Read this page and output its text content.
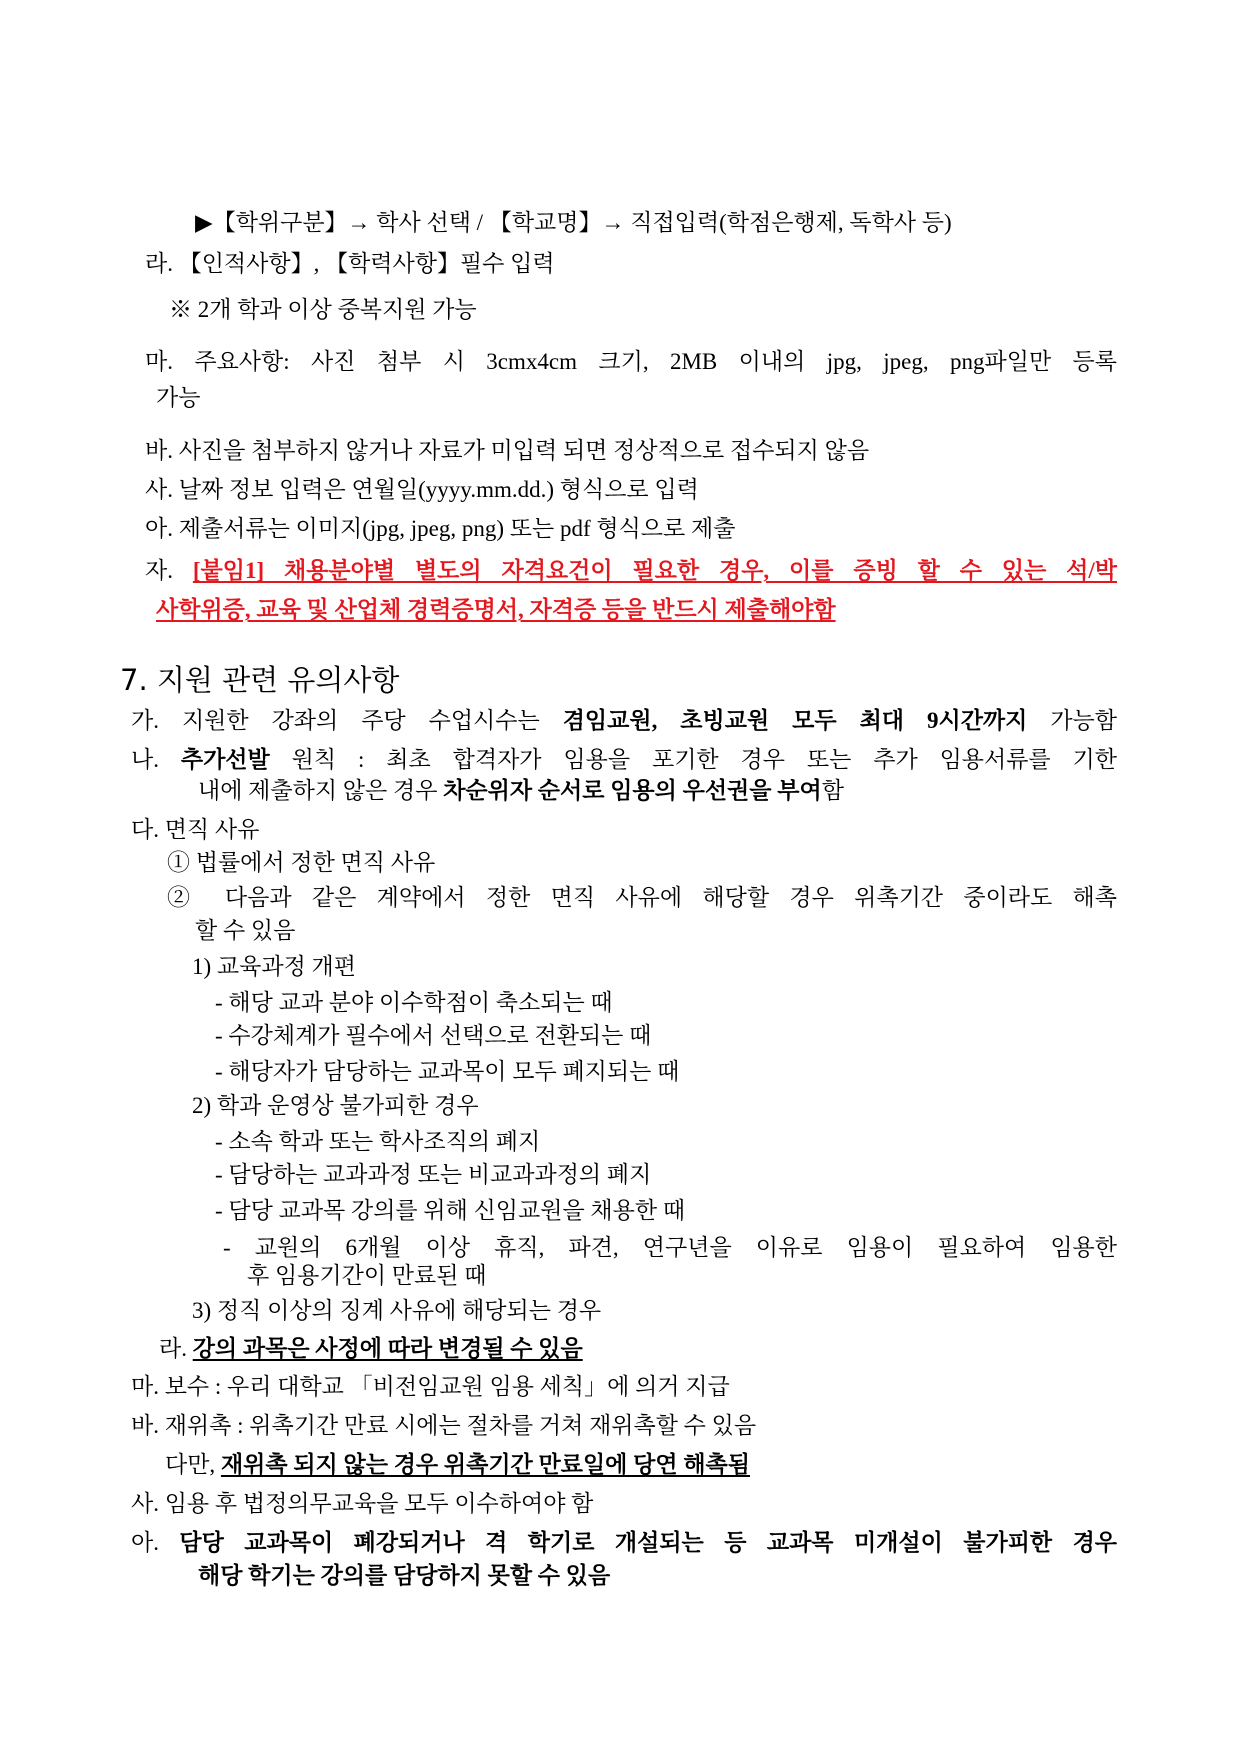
▶【학위구분】→ 학사 선택 / 【학교명】→ 직접입력(학점은행제, 독학사 등)
라. 【인적사항】, 【학력사항】필수 입력
※ 2개 학과 이상 중복지원 가능
마. 주요사항: 사진 첨부 시 3cmx4cm 크기, 2MB 이내의 jpg, jpeg, png파일만 등록
가능
바. 사진을 첨부하지 않거나 자료가 미입력 되면 정상적으로 접수되지 않음
사. 날짜 정보 입력은 연월일(yyyy.mm.dd.) 형식으로 입력
아. 제출서류는 이미지(jpg, jpeg, png) 또는 pdf 형식으로 제출
자. [붙임1] 채용분야별 별도의 자격요건이 필요한 경우, 이를 증빙 할 수 있는 석/박
사학위증, 교육 및 산업체 경력증명서, 자격증 등을 반드시 제출해야함
7. 지원 관련 유의사항
가. 지원한 강좌의 주당 수업시수는 겸임교원, 초빙교원 모두 최대 9시간까지 가능함
나. 추가선발 원칙 : 최초 합격자가 임용을 포기한 경우 또는 추가 임용서류를 기한
내에 제출하지 않은 경우 차순위자 순서로 임용의 우선권을 부여함
다. 면직 사유
① 법률에서 정한 면직 사유
② 다음과 같은 계약에서 정한 면직 사유에 해당할 경우 위촉기간 중이라도 해촉
할 수 있음
1) 교육과정 개편
- 해당 교과 분야 이수학점이 축소되는 때
- 수강체계가 필수에서 선택으로 전환되는 때
- 해당자가 담당하는 교과목이 모두 폐지되는 때
2) 학과 운영상 불가피한 경우
- 소속 학과 또는 학사조직의 폐지
- 담당하는 교과과정 또는 비교과과정의 폐지
- 담당 교과목 강의를 위해 신임교원을 채용한 때
- 교원의 6개월 이상 휴직, 파견, 연구년을 이유로 임용이 필요하여 임용한
후 임용기간이 만료된 때
3) 정직 이상의 징계 사유에 해당되는 경우
라. 강의 과목은 사정에 따라 변경될 수 있음
마. 보수 : 우리 대학교 「비전임교원 임용 세칙」에 의거 지급
바. 재위촉 : 위촉기간 만료 시에는 절차를 거쳐 재위촉할 수 있음
다만, 재위촉 되지 않는 경우 위촉기간 만료일에 당연 해촉됨
사. 임용 후 법정의무교육을 모두 이수하여야 함
아. 담당 교과목이 폐강되거나 격 학기로 개설되는 등 교과목 미개설이 불가피한 경우
해당 학기는 강의를 담당하지 못할 수 있음
